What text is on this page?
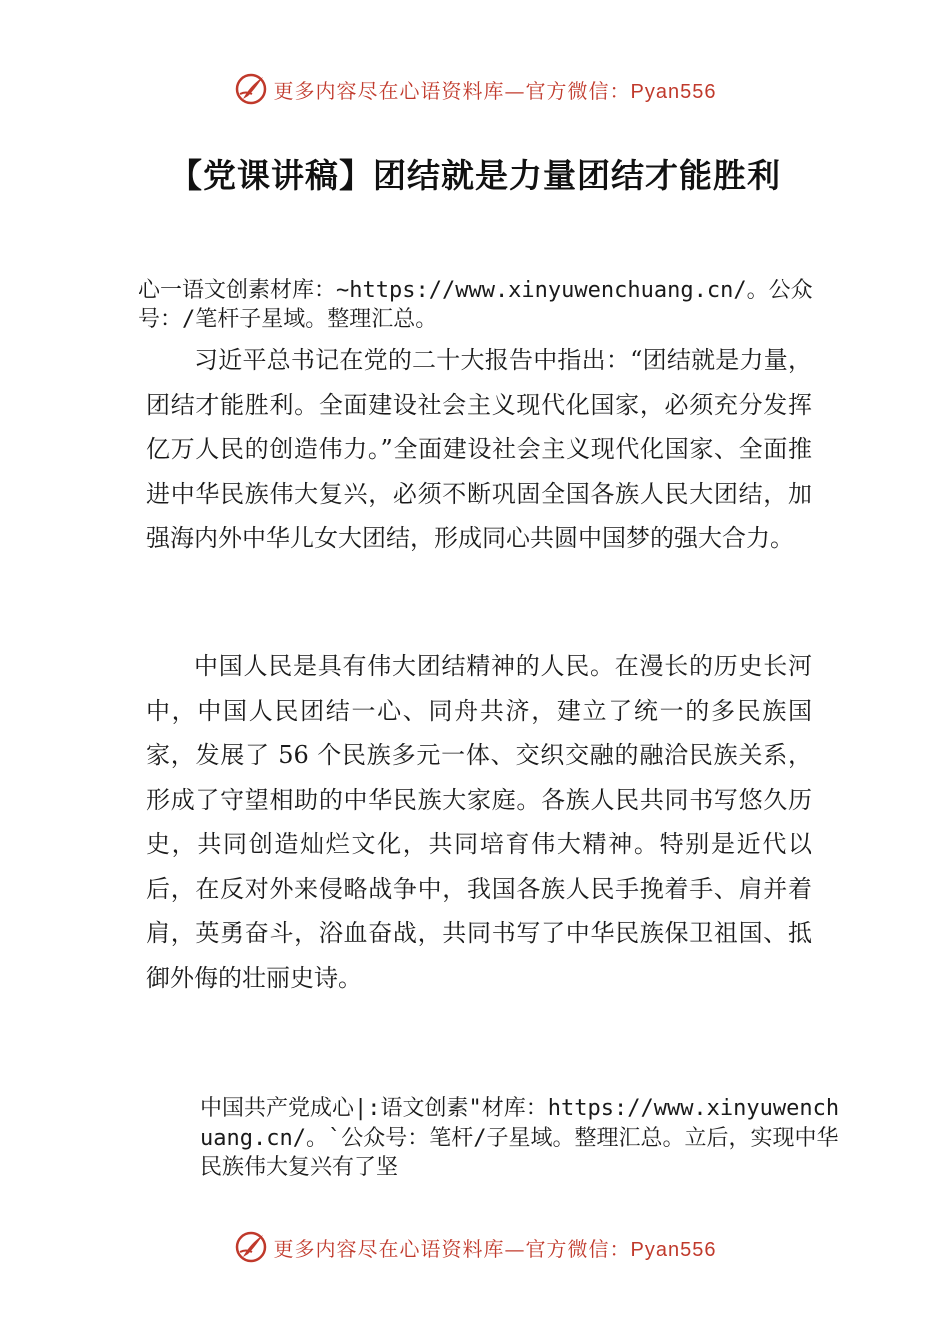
更多内容尽在心语资料库—官方微信：Pyan556
【党课讲稿】团结就是力量团结才能胜利
心一语文创素材库：~https://www.xinyuwenchuang.cn/。公众号：/笔杆子星域。整理汇总。

习近平总书记在党的二十大报告中指出：“团结就是力量，团结才能胜利。全面建设社会主义现代化国家，必须充分发挥亿万人民的创造伟力。”全面建设社会主义现代化国家、全面推进中华民族伟大复兴，必须不断巩固全国各族人民大团结，加强海内外中华儿女大团结，形成同心共圆中国梦的强大合力。

中国人民是具有伟大团结精神的人民。在漫长的历史长河中，中国人民团结一心、同舟共济，建立了统一的多民族国家，发展了 56 个民族多元一体、交织交融的融洽民族关系，形成了守望相助的中华民族大家庭。各族人民共同书写悠久历史，共同创造灿烂文化，共同培育伟大精神。特别是近代以后，在反对外来侵略战争中，我国各族人民手挽着手、肩并着肩，英勇奋斗，浴血奋战，共同书写了中华民族保卫祖国、抵御外侮的壮丽史诗。

中国共产党成心|:语文创素"材库：https://www.xinyuwenchuang.cn/。`公众号：笔杆/子星域。整理汇总。立后，实现中华民族伟大复兴有了坚
更多内容尽在心语资料库—官方微信：Pyan556
